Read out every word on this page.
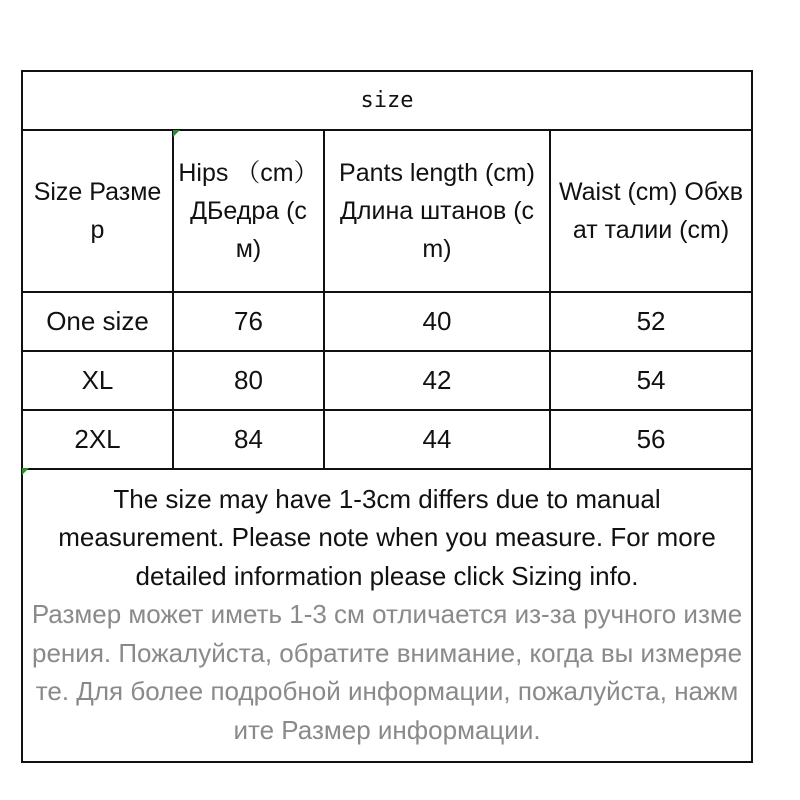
size			

Size Размер	Hips （cm）ДБедра (см)	Pants length (cm) Длина штанов (cm)	Waist (cm) Обхват талии (cm)

One size	76	40	52
XL	80	42	54
2XL	84	44	56

The size may have 1-3cm differs due to manual measurement. Please note when you measure. For more detailed information please click Sizing info.
Размер может иметь 1-3 см отличается из-за ручного измерения. Пожалуйста, обратите внимание, когда вы измеряете. Для более подробной информации, пожалуйста, нажмите Размер информации.			
